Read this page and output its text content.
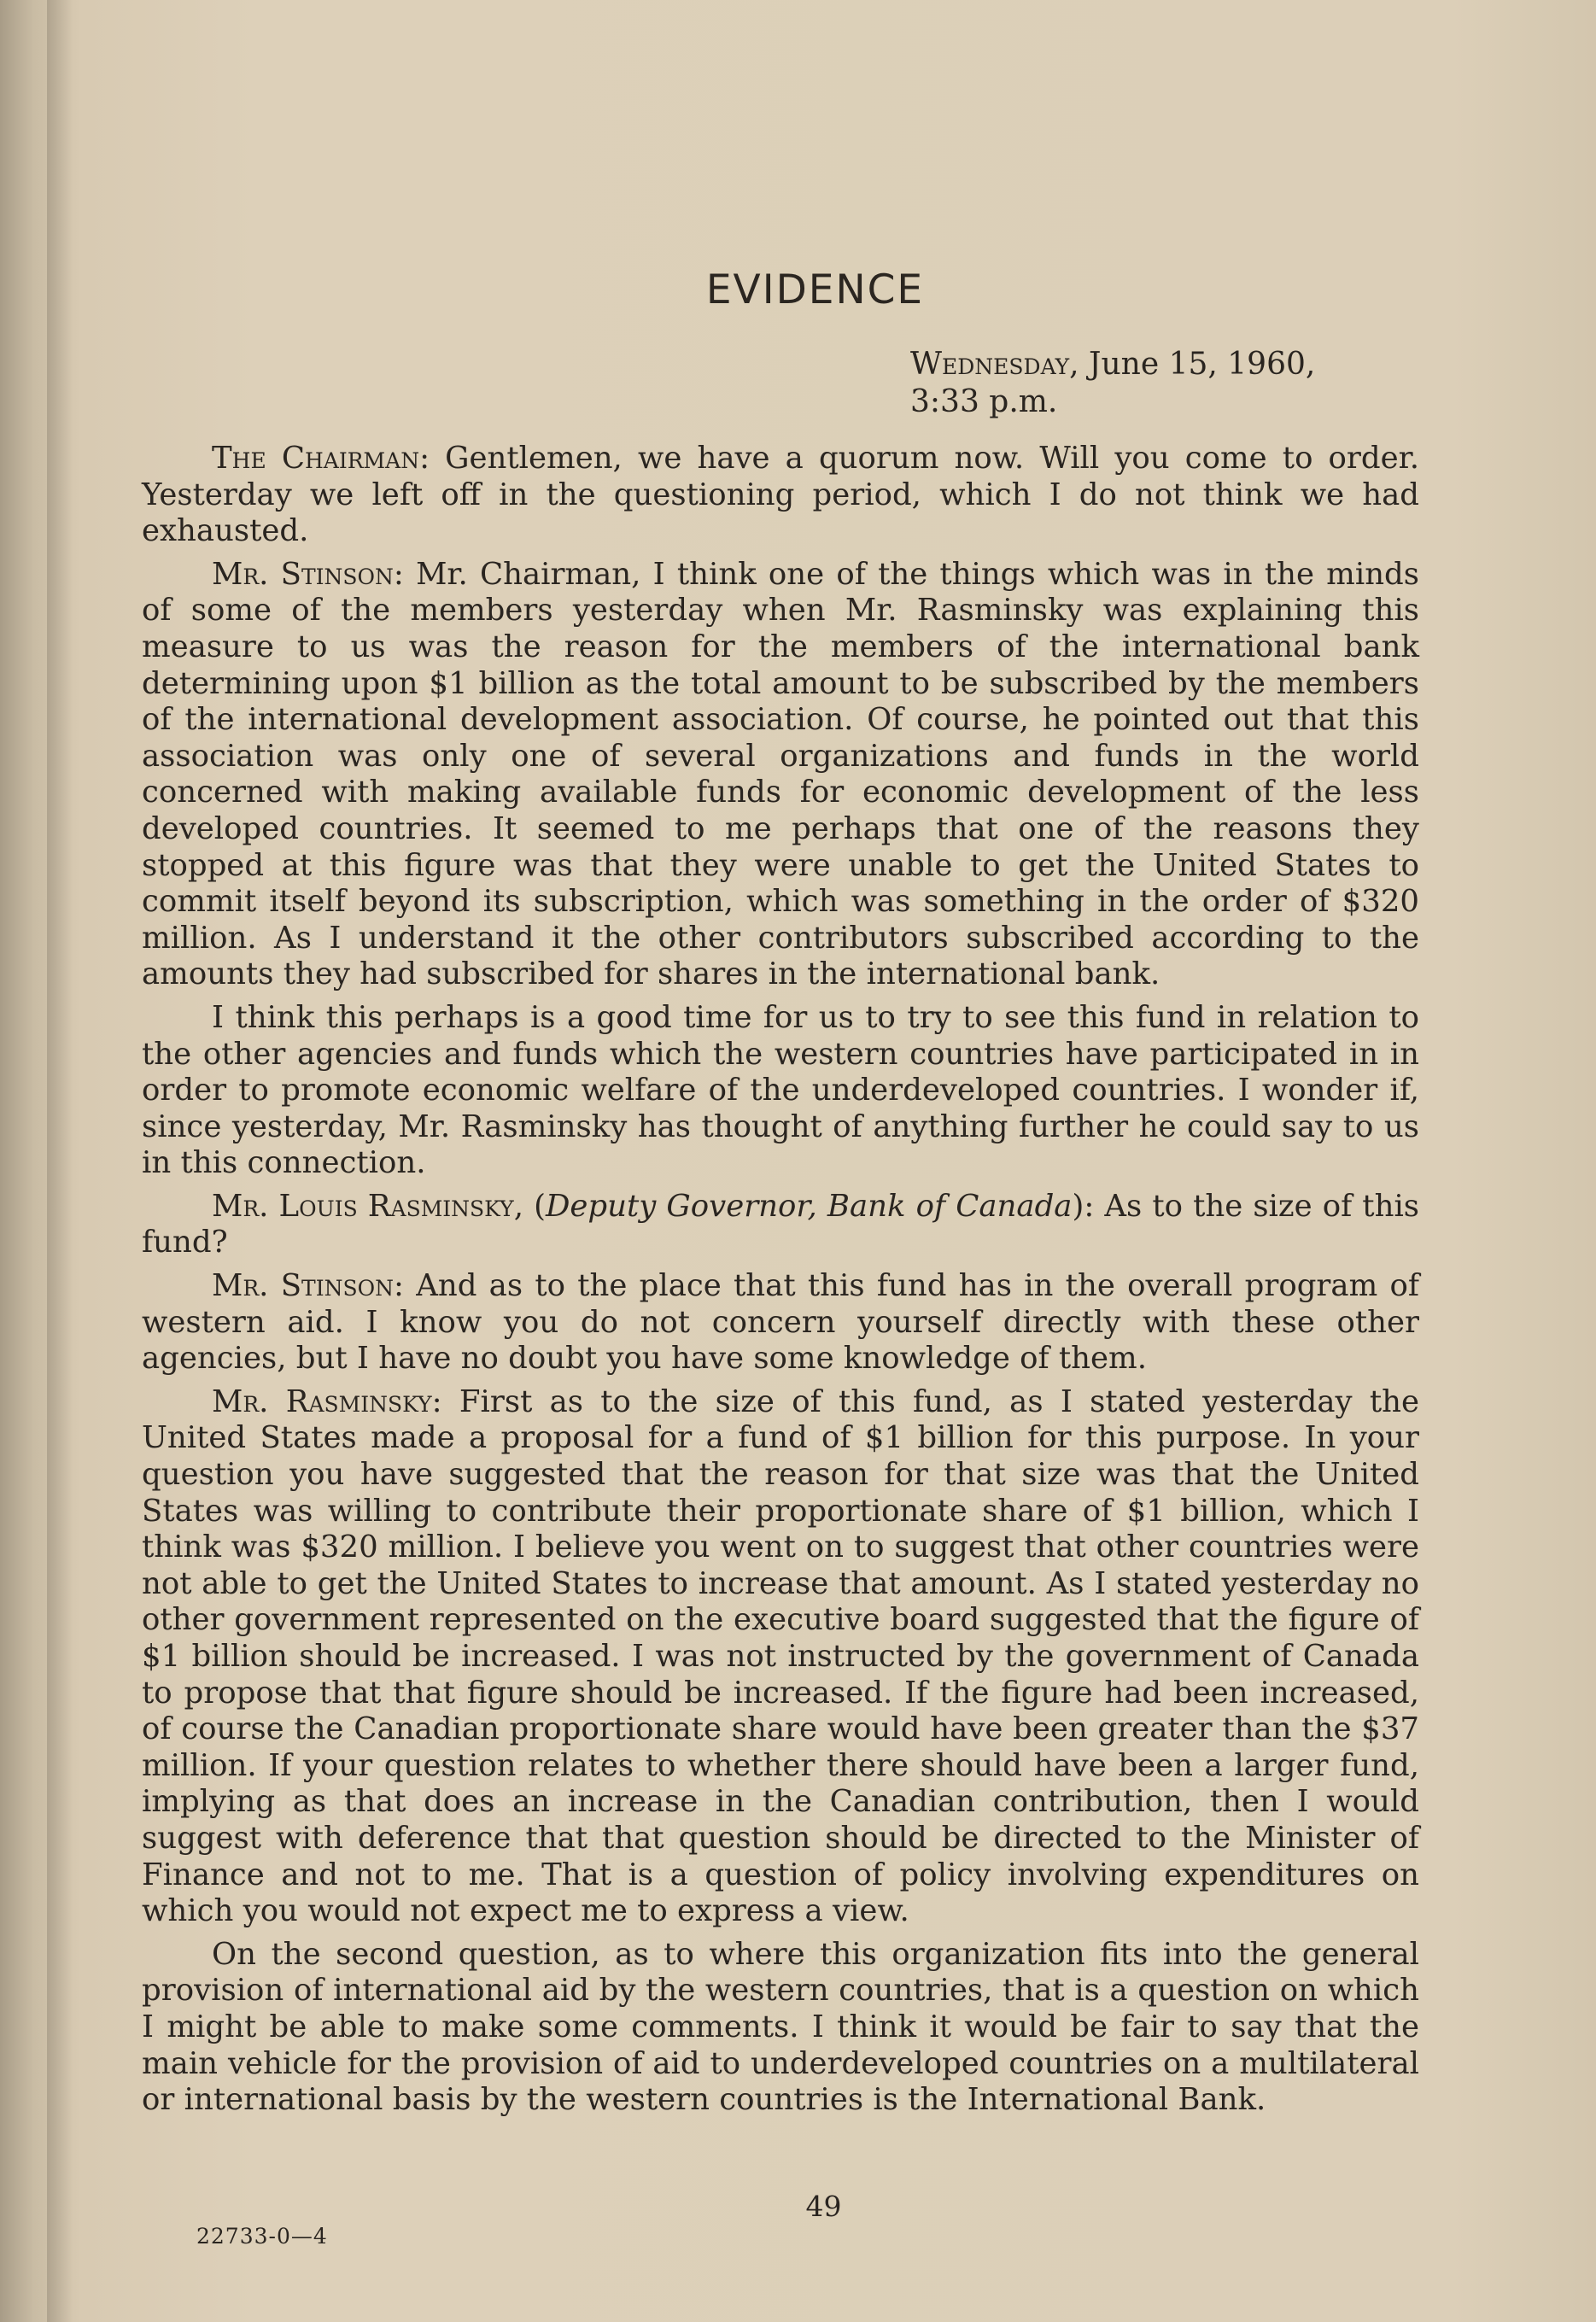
EVIDENCE
Wednesday, June 15, 1960,
3:33 p.m.

The Chairman: Gentlemen, we have a quorum now. Will you come to order. Yesterday we left off in the questioning period, which I do not think we had exhausted.

Mr. Stinson: Mr. Chairman, I think one of the things which was in the minds of some of the members yesterday when Mr. Rasminsky was explaining this measure to us was the reason for the members of the international bank determining upon $1 billion as the total amount to be subscribed by the members of the international development association. Of course, he pointed out that this association was only one of several organizations and funds in the world concerned with making available funds for economic development of the less developed countries. It seemed to me perhaps that one of the reasons they stopped at this figure was that they were unable to get the United States to commit itself beyond its subscription, which was something in the order of $320 million. As I understand it the other contributors subscribed according to the amounts they had subscribed for shares in the international bank.

I think this perhaps is a good time for us to try to see this fund in relation to the other agencies and funds which the western countries have participated in in order to promote economic welfare of the underdeveloped countries. I wonder if, since yesterday, Mr. Rasminsky has thought of anything further he could say to us in this connection.

Mr. Louis Rasminsky, (Deputy Governor, Bank of Canada): As to the size of this fund?

Mr. Stinson: And as to the place that this fund has in the overall program of western aid. I know you do not concern yourself directly with these other agencies, but I have no doubt you have some knowledge of them.

Mr. Rasminsky: First as to the size of this fund, as I stated yesterday the United States made a proposal for a fund of $1 billion for this purpose. In your question you have suggested that the reason for that size was that the United States was willing to contribute their proportionate share of $1 billion, which I think was $320 million. I believe you went on to suggest that other countries were not able to get the United States to increase that amount. As I stated yesterday no other government represented on the executive board suggested that the figure of $1 billion should be increased. I was not instructed by the government of Canada to propose that that figure should be increased. If the figure had been increased, of course the Canadian proportionate share would have been greater than the $37 million. If your question relates to whether there should have been a larger fund, implying as that does an increase in the Canadian contribution, then I would suggest with deference that that question should be directed to the Minister of Finance and not to me. That is a question of policy involving expenditures on which you would not expect me to express a view.

On the second question, as to where this organization fits into the general provision of international aid by the western countries, that is a question on which I might be able to make some comments. I think it would be fair to say that the main vehicle for the provision of aid to underdeveloped countries on a multilateral or international basis by the western countries is the International Bank.

49
22733-0—4
